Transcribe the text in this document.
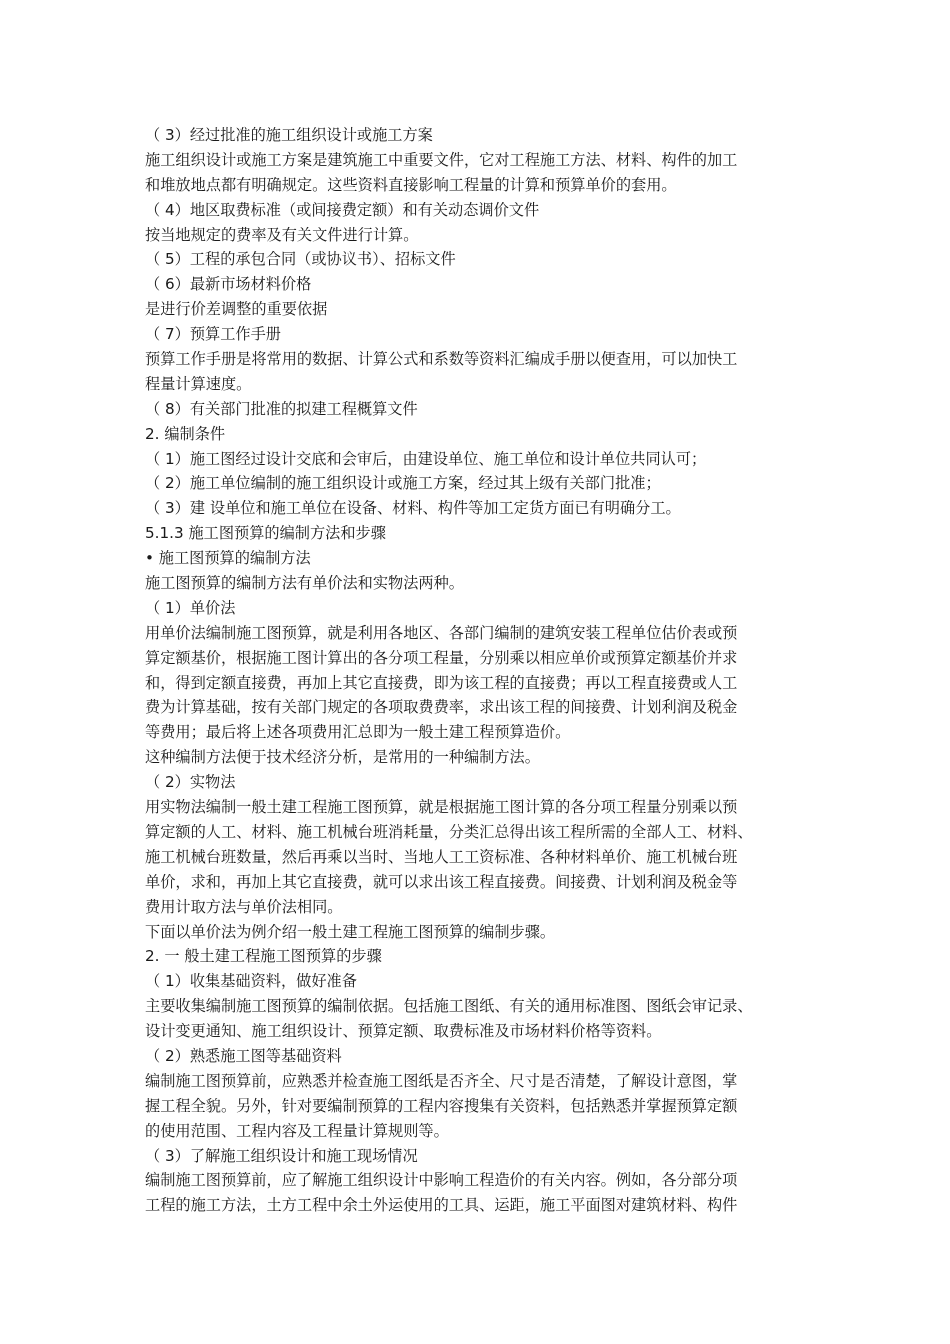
（ 3）经过批准的施工组织设计或施工方案
施工组织设计或施工方案是建筑施工中重要文件，它对工程施工方法、材料、构件的加工
和堆放地点都有明确规定。这些资料直接影响工程量的计算和预算单价的套用。
（ 4）地区取费标准（或间接费定额）和有关动态调价文件
按当地规定的费率及有关文件进行计算。
（ 5）工程的承包合同（或协议书）、招标文件
（ 6）最新市场材料价格
是进行价差调整的重要依据
（ 7）预算工作手册
预算工作手册是将常用的数据、计算公式和系数等资料汇编成手册以便查用，可以加快工
程量计算速度。
（ 8）有关部门批准的拟建工程概算文件
2. 编制条件
（ 1）施工图经过设计交底和会审后，由建设单位、施工单位和设计单位共同认可；
（ 2）施工单位编制的施工组织设计或施工方案，经过其上级有关部门批准；
（ 3）建 设单位和施工单位在设备、材料、构件等加工定货方面已有明确分工。
5.1.3 施工图预算的编制方法和步骤
• 施工图预算的编制方法
施工图预算的编制方法有单价法和实物法两种。
（ 1）单价法
用单价法编制施工图预算，就是利用各地区、各部门编制的建筑安装工程单位估价表或预
算定额基价，根据施工图计算出的各分项工程量，分别乘以相应单价或预算定额基价并求
和，得到定额直接费，再加上其它直接费，即为该工程的直接费；再以工程直接费或人工
费为计算基础，按有关部门规定的各项取费费率，求出该工程的间接费、计划利润及税金
等费用；最后将上述各项费用汇总即为一般土建工程预算造价。
这种编制方法便于技术经济分析，是常用的一种编制方法。
（ 2）实物法
用实物法编制一般土建工程施工图预算，就是根据施工图计算的各分项工程量分别乘以预
算定额的人工、材料、施工机械台班消耗量，分类汇总得出该工程所需的全部人工、材料、
施工机械台班数量，然后再乘以当时、当地人工工资标准、各种材料单价、施工机械台班
单价，求和，再加上其它直接费，就可以求出该工程直接费。间接费、计划利润及税金等
费用计取方法与单价法相同。
下面以单价法为例介绍一般土建工程施工图预算的编制步骤。
2. 一 般土建工程施工图预算的步骤
（ 1）收集基础资料，做好准备
主要收集编制施工图预算的编制依据。包括施工图纸、有关的通用标准图、图纸会审记录、
设计变更通知、施工组织设计、预算定额、取费标准及市场材料价格等资料。
（ 2）熟悉施工图等基础资料
编制施工图预算前，应熟悉并检查施工图纸是否齐全、尺寸是否清楚，了解设计意图，掌
握工程全貌。另外，针对要编制预算的工程内容搜集有关资料，包括熟悉并掌握预算定额
的使用范围、工程内容及工程量计算规则等。
（ 3）了解施工组织设计和施工现场情况
编制施工图预算前，应了解施工组织设计中影响工程造价的有关内容。例如，各分部分项
工程的施工方法，土方工程中余土外运使用的工具、运距，施工平面图对建筑材料、构件
